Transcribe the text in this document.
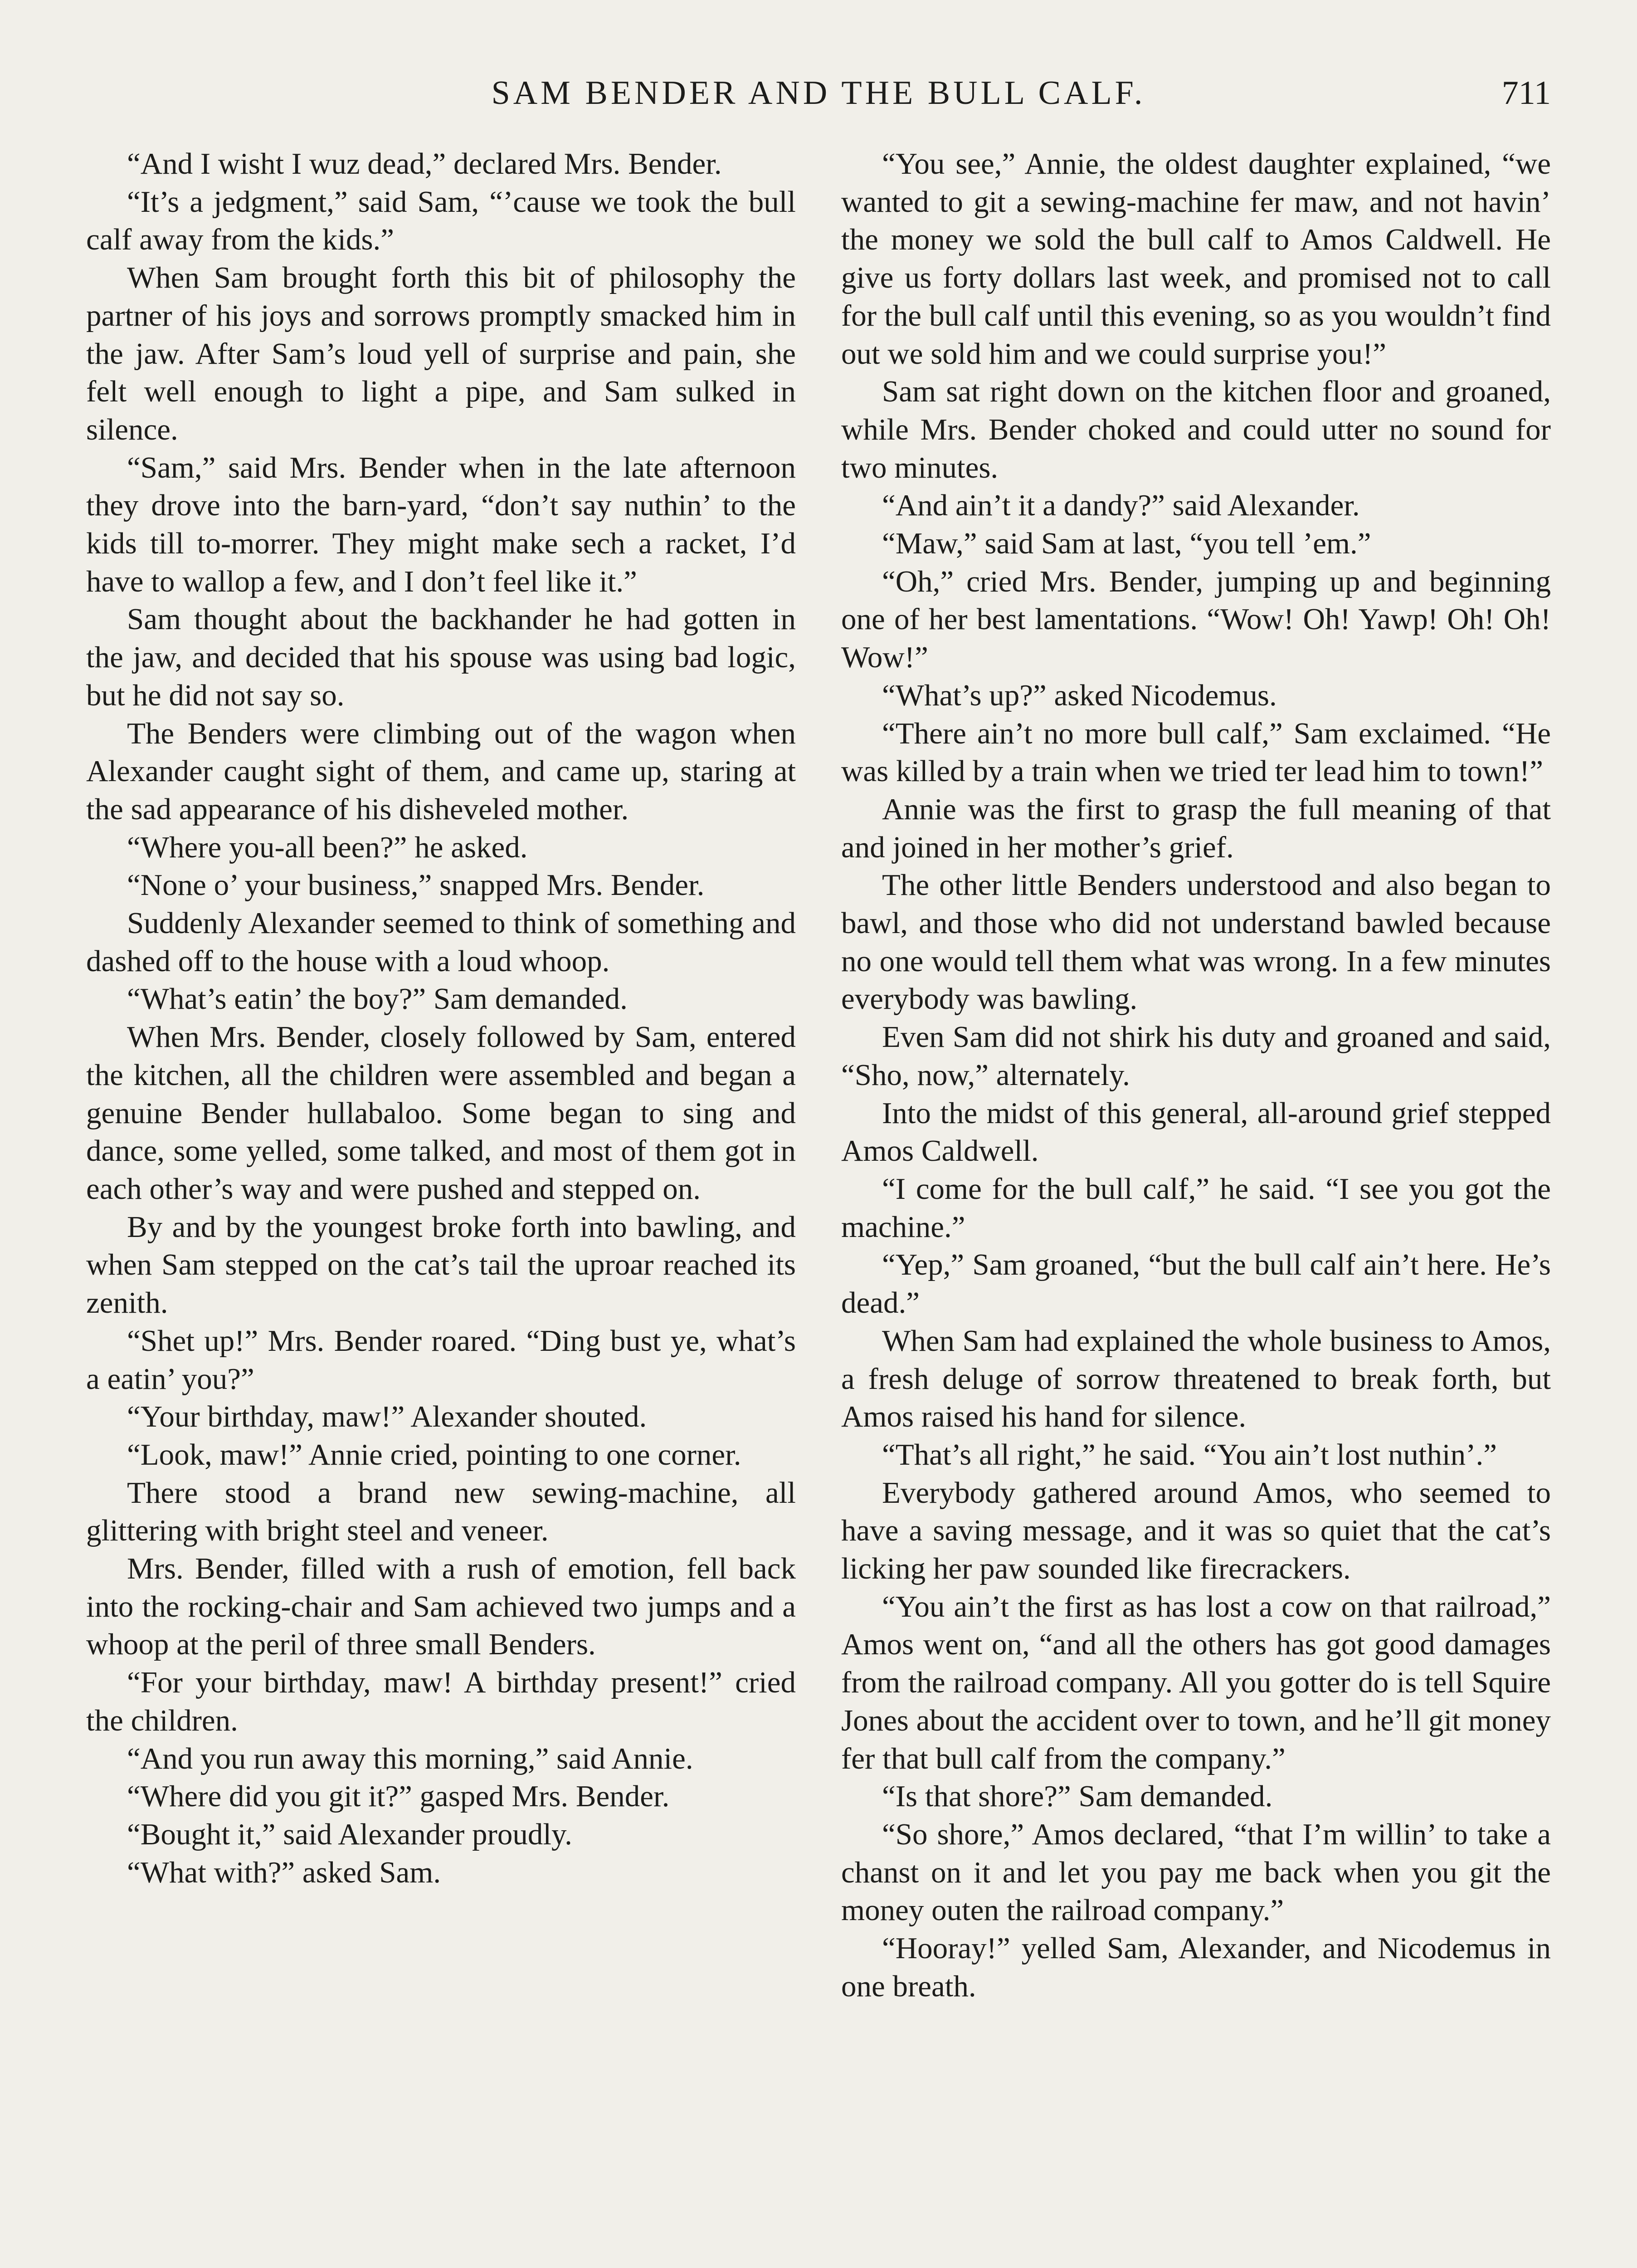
SAM BENDER AND THE BULL CALF.	711

“And I wisht I wuz dead,” declared Mrs. Bender.

“It’s a jedgment,” said Sam, “’cause we took the bull calf away from the kids.”

When Sam brought forth this bit of philosophy the partner of his joys and sorrows promptly smacked him in the jaw. After Sam’s loud yell of surprise and pain, she felt well enough to light a pipe, and Sam sulked in silence.

“Sam,” said Mrs. Bender when in the late afternoon they drove into the barn-yard, “don’t say nuthin’ to the kids till to-morrer. They might make sech a racket, I’d have to wallop a few, and I don’t feel like it.”

Sam thought about the backhander he had gotten in the jaw, and decided that his spouse was using bad logic, but he did not say so.

The Benders were climbing out of the wagon when Alexander caught sight of them, and came up, staring at the sad appearance of his disheveled mother.

“Where you-all been?” he asked.

“None o’ your business,” snapped Mrs. Bender.

Suddenly Alexander seemed to think of something and dashed off to the house with a loud whoop.

“What’s eatin’ the boy?” Sam demanded.

When Mrs. Bender, closely followed by Sam, entered the kitchen, all the children were assembled and began a genuine Bender hullabaloo. Some began to sing and dance, some yelled, some talked, and most of them got in each other’s way and were pushed and stepped on.

By and by the youngest broke forth into bawling, and when Sam stepped on the cat’s tail the uproar reached its zenith.

“Shet up!” Mrs. Bender roared. “Ding bust ye, what’s a eatin’ you?”

“Your birthday, maw!” Alexander shouted.

“Look, maw!” Annie cried, pointing to one corner.

There stood a brand new sewing-machine, all glittering with bright steel and veneer.

Mrs. Bender, filled with a rush of emotion, fell back into the rocking-chair and Sam achieved two jumps and a whoop at the peril of three small Benders.

“For your birthday, maw! A birthday present!” cried the children.

“And you run away this morning,” said Annie.

“Where did you git it?” gasped Mrs. Bender.

“Bought it,” said Alexander proudly.

“What with?” asked Sam.

“You see,” Annie, the oldest daughter explained, “we wanted to git a sewing-machine fer maw, and not havin’ the money we sold the bull calf to Amos Caldwell. He give us forty dollars last week, and promised not to call for the bull calf until this evening, so as you wouldn’t find out we sold him and we could surprise you!”

Sam sat right down on the kitchen floor and groaned, while Mrs. Bender choked and could utter no sound for two minutes.

“And ain’t it a dandy?” said Alexander.

“Maw,” said Sam at last, “you tell ’em.”

“Oh,” cried Mrs. Bender, jumping up and beginning one of her best lamentations. “Wow! Oh! Yawp! Oh! Oh! Wow!”

“What’s up?” asked Nicodemus.

“There ain’t no more bull calf,” Sam exclaimed. “He was killed by a train when we tried ter lead him to town!”

Annie was the first to grasp the full meaning of that and joined in her mother’s grief.

The other little Benders understood and also began to bawl, and those who did not understand bawled because no one would tell them what was wrong. In a few minutes everybody was bawling.

Even Sam did not shirk his duty and groaned and said, “Sho, now,” alternately.

Into the midst of this general, all-around grief stepped Amos Caldwell.

“I come for the bull calf,” he said. “I see you got the machine.”

“Yep,” Sam groaned, “but the bull calf ain’t here. He’s dead.”

When Sam had explained the whole business to Amos, a fresh deluge of sorrow threatened to break forth, but Amos raised his hand for silence.

“That’s all right,” he said. “You ain’t lost nuthin’.”

Everybody gathered around Amos, who seemed to have a saving message, and it was so quiet that the cat’s licking her paw sounded like firecrackers.

“You ain’t the first as has lost a cow on that railroad,” Amos went on, “and all the others has got good damages from the railroad company. All you gotter do is tell Squire Jones about the accident over to town, and he’ll git money fer that bull calf from the company.”

“Is that shore?” Sam demanded.

“So shore,” Amos declared, “that I’m willin’ to take a chanst on it and let you pay me back when you git the money outen the railroad company.”

“Hooray!” yelled Sam, Alexander, and Nicodemus in one breath.
